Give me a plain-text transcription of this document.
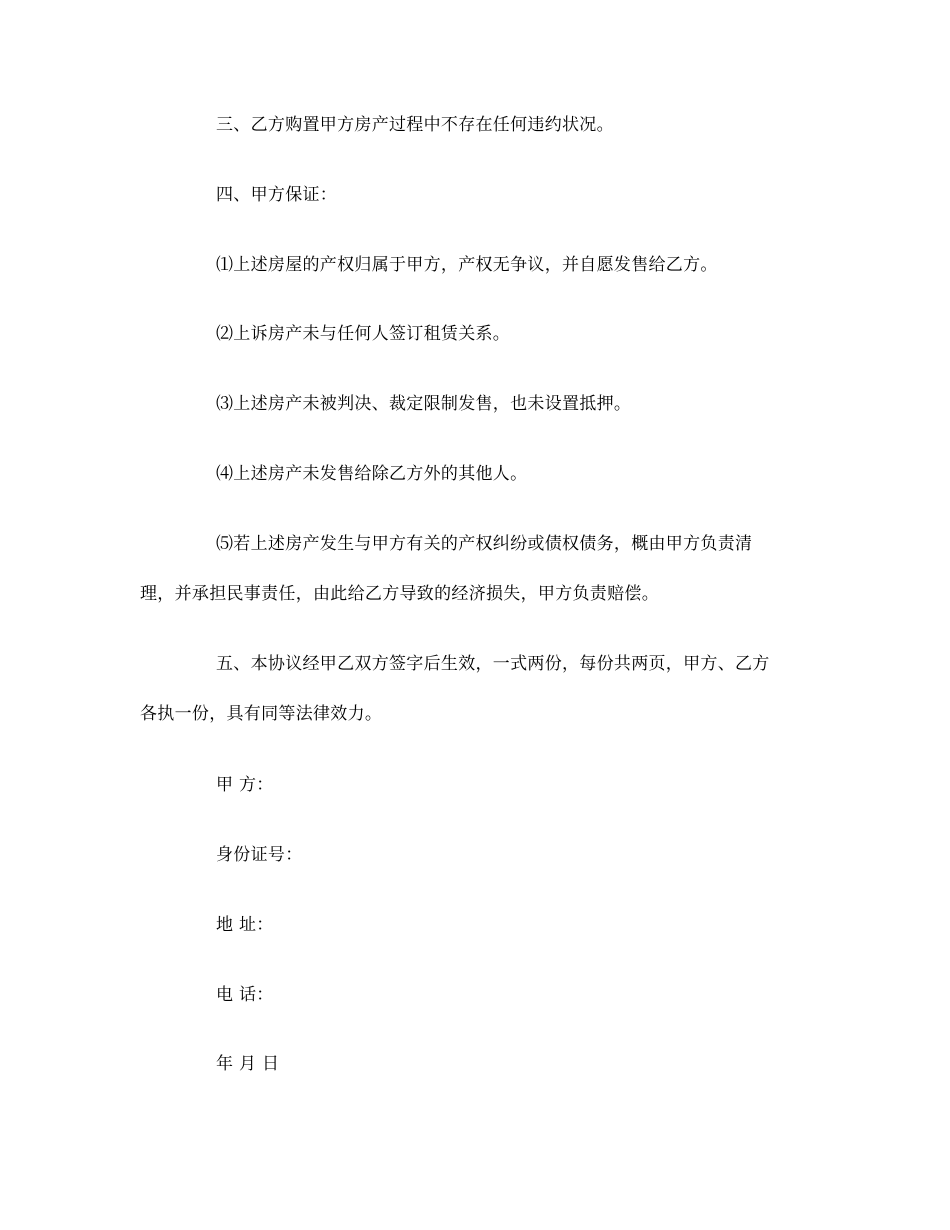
三、乙方购置甲方房产过程中不存在任何违约状况。
四、甲方保证：
⑴上述房屋的产权归属于甲方，产权无争议，并自愿发售给乙方。
⑵上诉房产未与任何人签订租赁关系。
⑶上述房产未被判决、裁定限制发售，也未设置抵押。
⑷上述房产未发售给除乙方外的其他人。
⑸若上述房产发生与甲方有关的产权纠纷或债权债务，概由甲方负责清
理，并承担民事责任，由此给乙方导致的经济损失，甲方负责赔偿。
五、本协议经甲乙双方签字后生效，一式两份，每份共两页，甲方、乙方
各执一份，具有同等法律效力。
甲 方：
身份证号：
地 址：
电 话：
年 月 日
